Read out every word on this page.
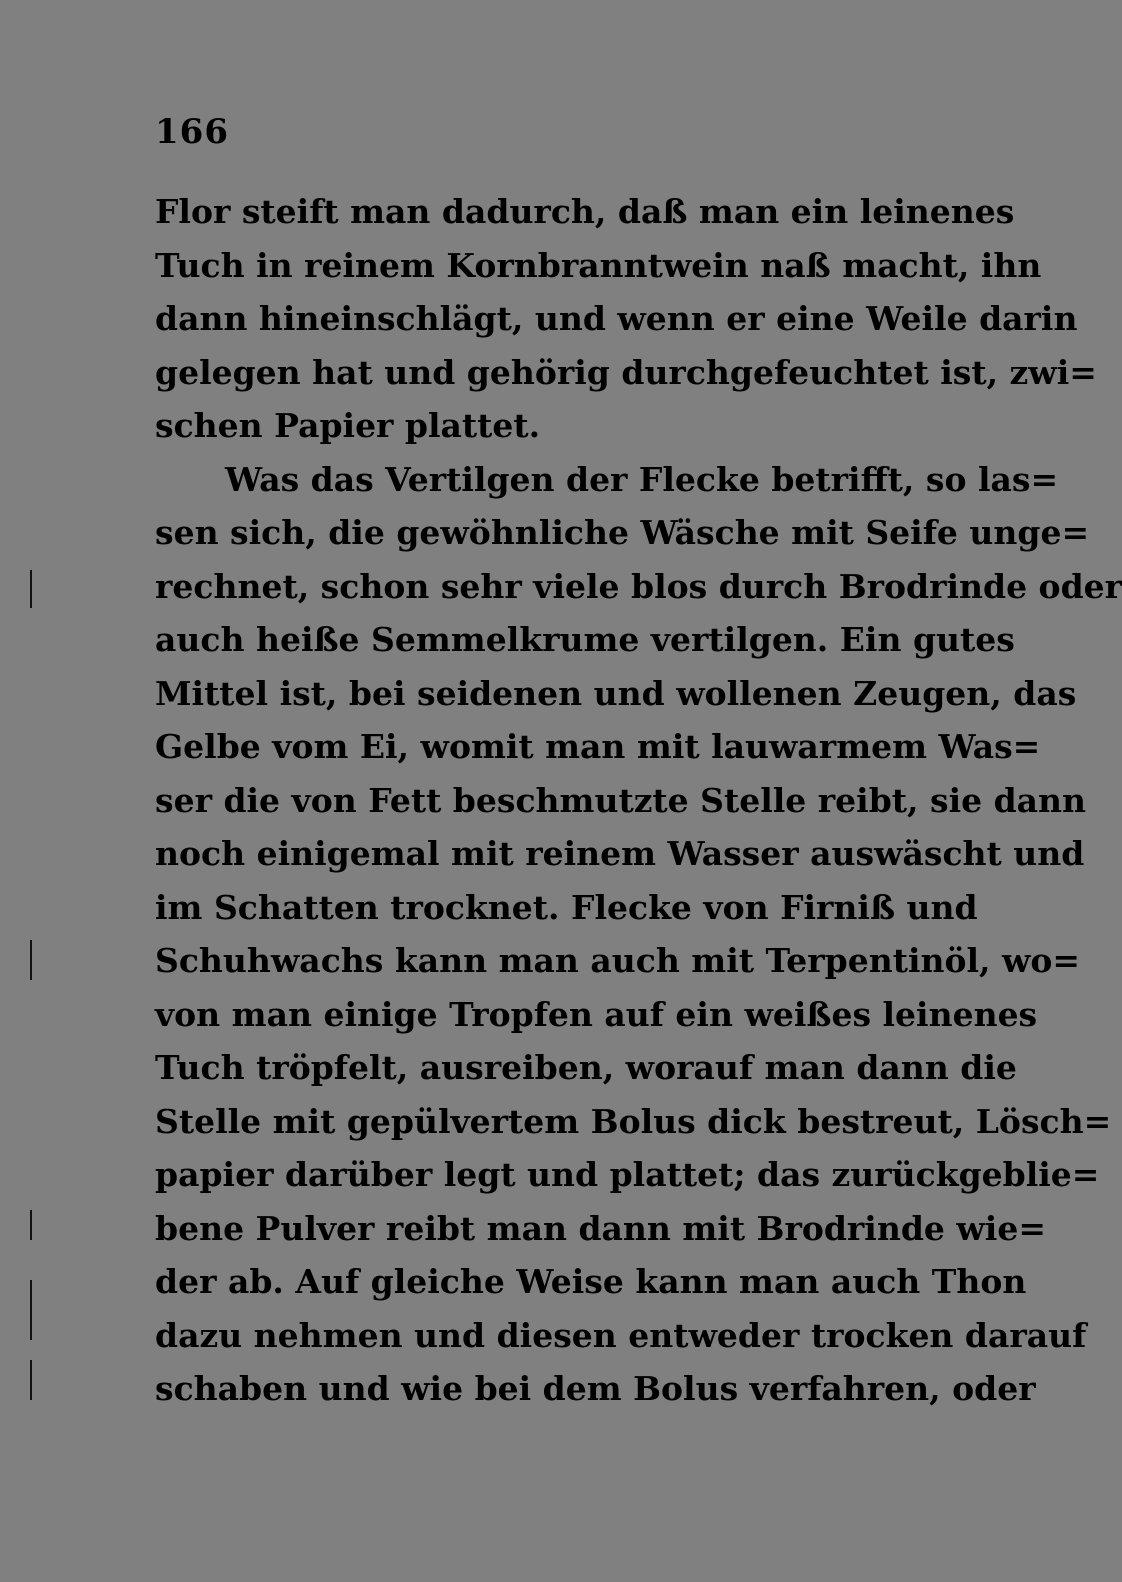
166
Flor steift man dadurch, daß man ein leinenes
Tuch in reinem Kornbranntwein naß macht, ihn
dann hineinschlägt, und wenn er eine Weile darin
gelegen hat und gehörig durchgefeuchtet ist, zwi=
schen Papier plattet.
Was das Vertilgen der Flecke betrifft, so las=
sen sich, die gewöhnliche Wäsche mit Seife unge=
rechnet, schon sehr viele blos durch Brodrinde oder
auch heiße Semmelkrume vertilgen. Ein gutes
Mittel ist, bei seidenen und wollenen Zeugen, das
Gelbe vom Ei, womit man mit lauwarmem Was=
ser die von Fett beschmutzte Stelle reibt, sie dann
noch einigemal mit reinem Wasser auswäscht und
im Schatten trocknet. Flecke von Firniß und
Schuhwachs kann man auch mit Terpentinöl, wo=
von man einige Tropfen auf ein weißes leinenes
Tuch tröpfelt, ausreiben, worauf man dann die
Stelle mit gepülvertem Bolus dick bestreut, Lösch=
papier darüber legt und plattet; das zurückgeblie=
bene Pulver reibt man dann mit Brodrinde wie=
der ab. Auf gleiche Weise kann man auch Thon
dazu nehmen und diesen entweder trocken darauf
schaben und wie bei dem Bolus verfahren, oder
